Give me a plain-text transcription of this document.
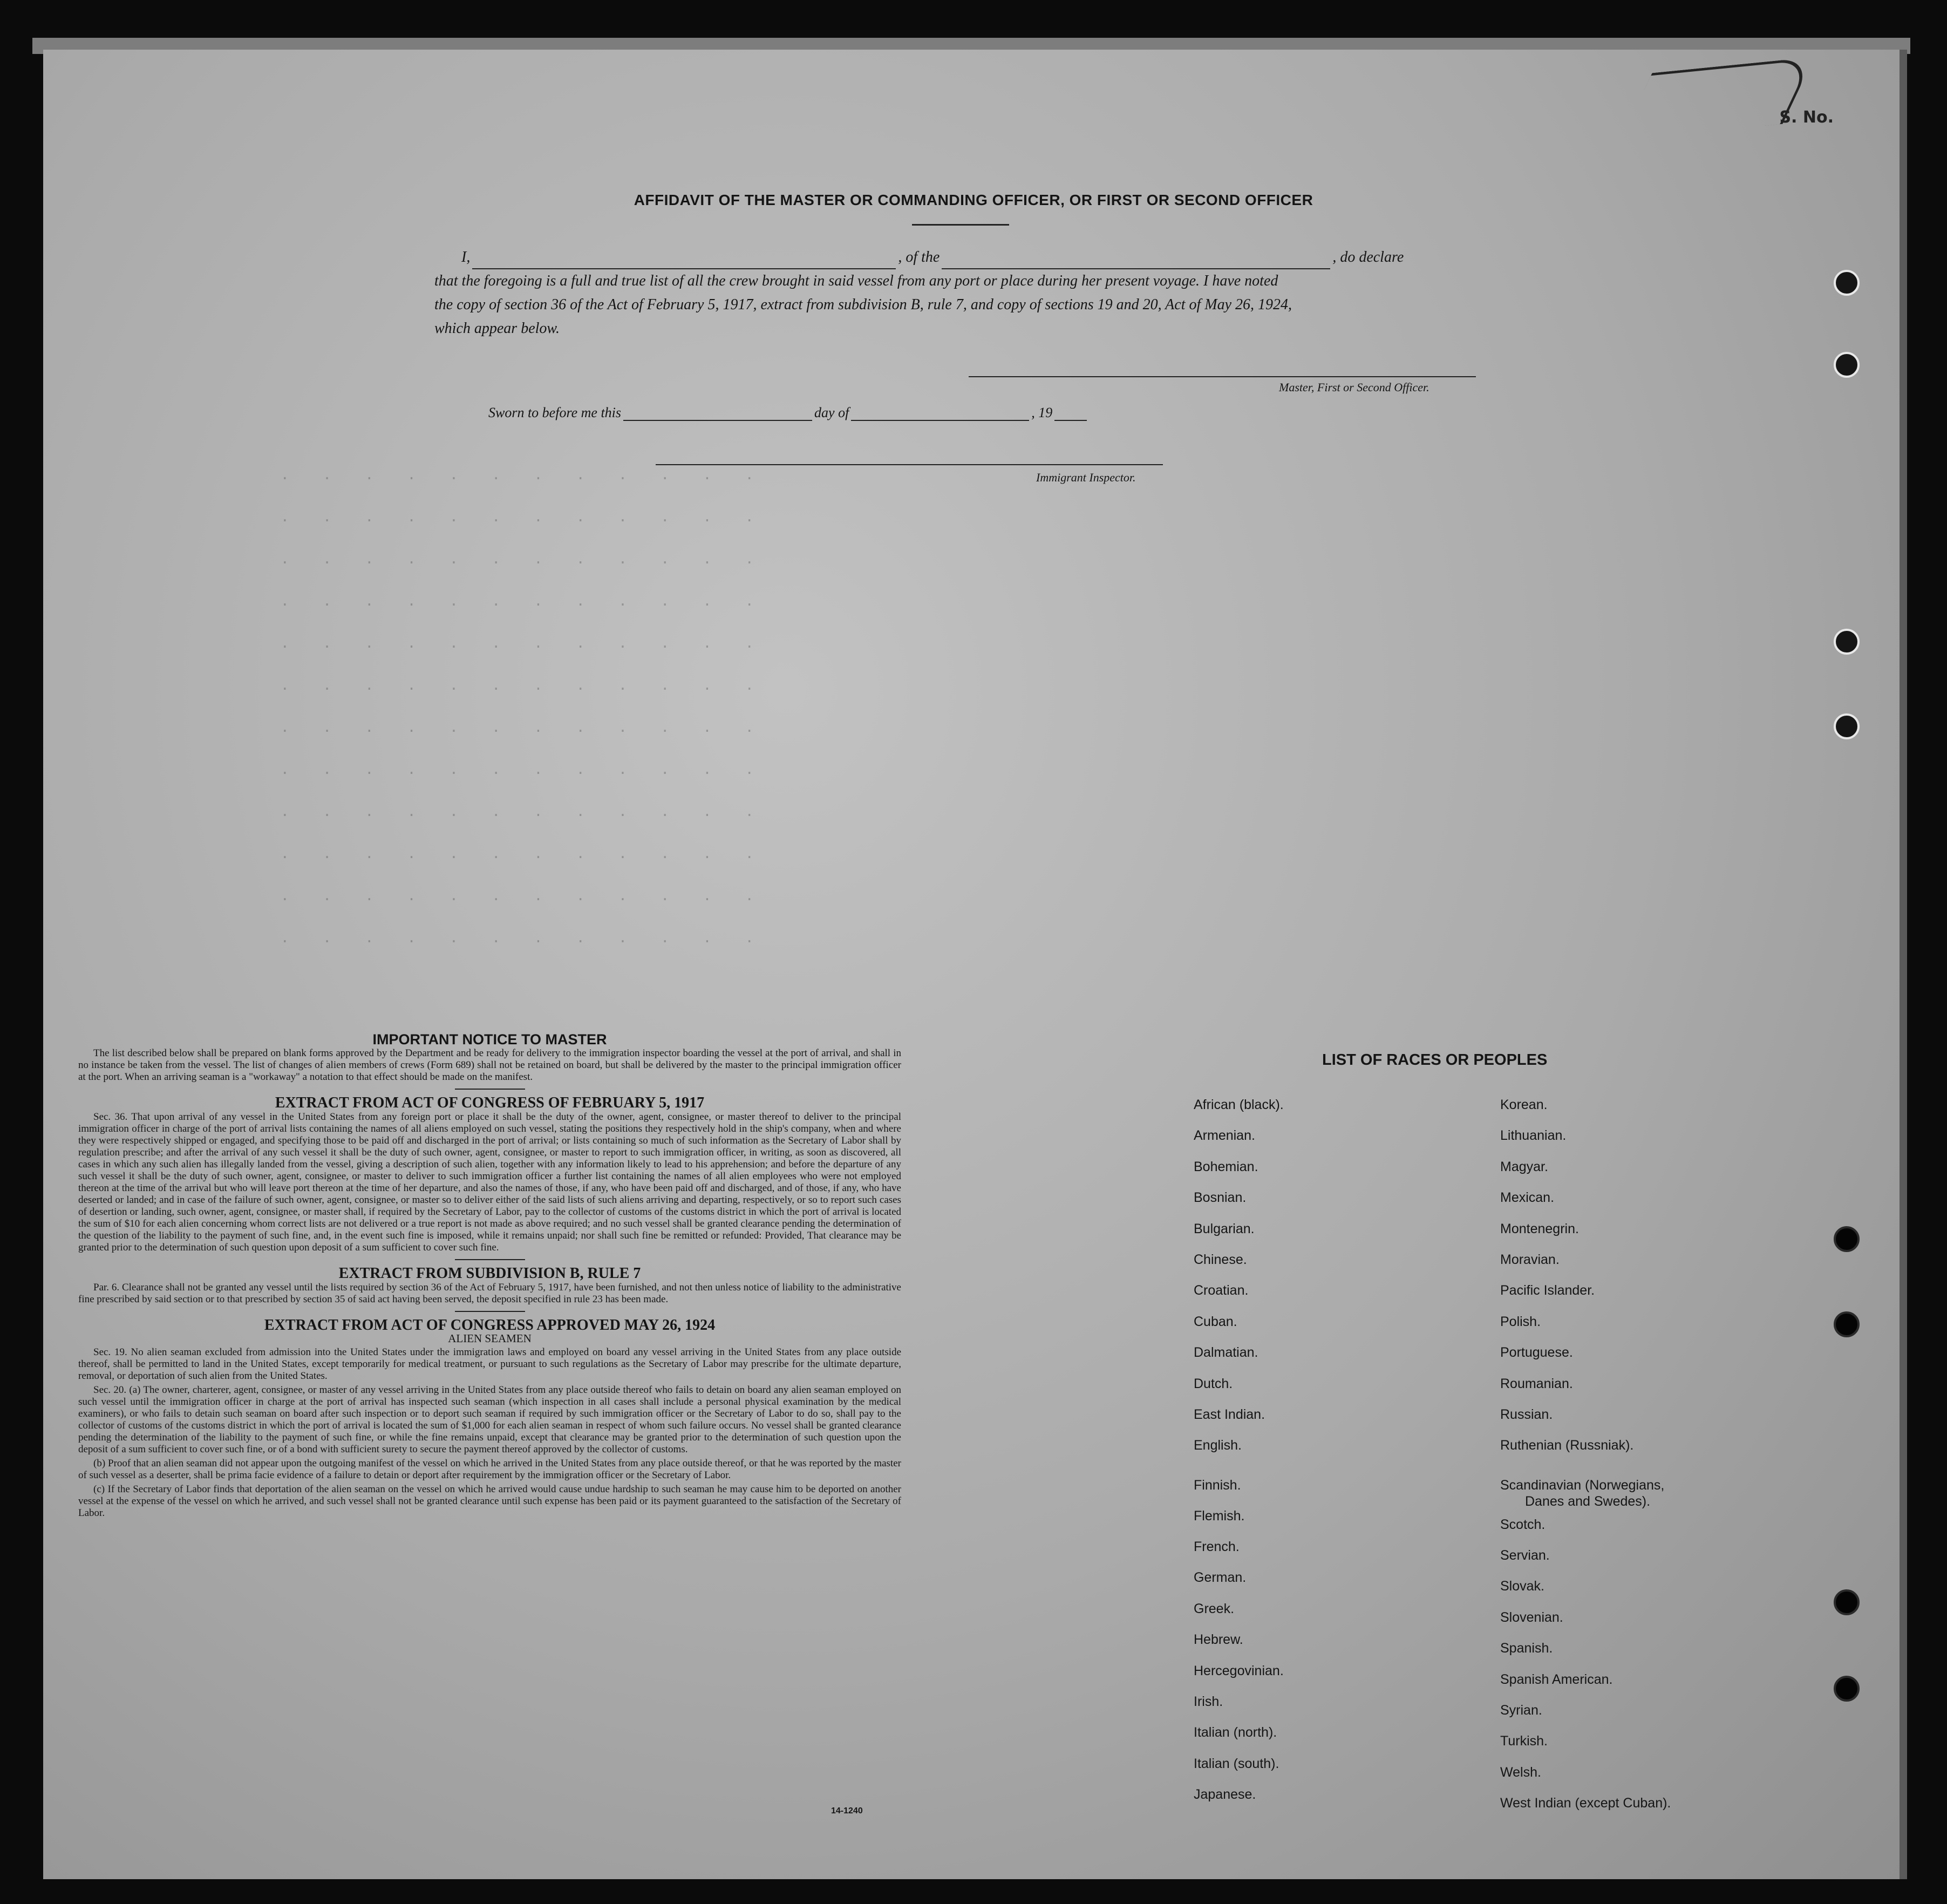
S. No.

·    ·    ·    ·    ·    ·    ·    ·    ·    ·    ·    ·
·    ·    ·    ·    ·    ·    ·    ·    ·    ·    ·    ·
·    ·    ·    ·    ·    ·    ·    ·    ·    ·    ·    ·
·    ·    ·    ·    ·    ·    ·    ·    ·    ·    ·    ·
·    ·    ·    ·    ·    ·    ·    ·    ·    ·    ·    ·
·    ·    ·    ·    ·    ·    ·    ·    ·    ·    ·    ·
·    ·    ·    ·    ·    ·    ·    ·    ·    ·    ·    ·
·    ·    ·    ·    ·    ·    ·    ·    ·    ·    ·    ·
·    ·    ·    ·    ·    ·    ·    ·    ·    ·    ·    ·
·    ·    ·    ·    ·    ·    ·    ·    ·    ·    ·    ·
·    ·    ·    ·    ·    ·    ·    ·    ·    ·    ·    ·
·    ·    ·    ·    ·    ·    ·    ·    ·    ·    ·    ·

AFFIDAVIT OF THE MASTER OR COMMANDING OFFICER, OR FIRST OR SECOND OFFICER
I,	, of the	, do declare
that the foregoing is a full and true list of all the crew brought in said vessel from any port or place during her present voyage. I have noted
the copy of section 36 of the Act of February 5, 1917, extract from subdivision B, rule 7, and copy of sections 19 and 20, Act of May 26, 1924,
which appear below.
Master, First or Second Officer.
Sworn to before me this	day of	, 19
Immigrant Inspector.

IMPORTANT NOTICE TO MASTER

The list described below shall be prepared on blank forms approved by the Department and be ready for delivery to the immigration inspector boarding the vessel at the port of arrival, and shall in no instance be taken from the vessel. The list of changes of alien members of crews (Form 689) shall not be retained on board, but shall be delivered by the master to the principal immigration officer at the port. When an arriving seaman is a "workaway" a notation to that effect should be made on the manifest.

EXTRACT FROM ACT OF CONGRESS OF FEBRUARY 5, 1917

Sec. 36. That upon arrival of any vessel in the United States from any foreign port or place it shall be the duty of the owner, agent, consignee, or master thereof to deliver to the principal immigration officer in charge of the port of arrival lists containing the names of all aliens employed on such vessel, stating the positions they respectively hold in the ship's company, when and where they were respectively shipped or engaged, and specifying those to be paid off and discharged in the port of arrival; or lists containing so much of such information as the Secretary of Labor shall by regulation prescribe; and after the arrival of any such vessel it shall be the duty of such owner, agent, consignee, or master to report to such immigration officer, in writing, as soon as discovered, all cases in which any such alien has illegally landed from the vessel, giving a description of such alien, together with any information likely to lead to his apprehension; and before the departure of any such vessel it shall be the duty of such owner, agent, consignee, or master to deliver to such immigration officer a further list containing the names of all alien employees who were not employed thereon at the time of the arrival but who will leave port thereon at the time of her departure, and also the names of those, if any, who have been paid off and discharged, and of those, if any, who have deserted or landed; and in case of the failure of such owner, agent, consignee, or master so to deliver either of the said lists of such aliens arriving and departing, respectively, or so to report such cases of desertion or landing, such owner, agent, consignee, or master shall, if required by the Secretary of Labor, pay to the collector of customs of the customs district in which the port of arrival is located the sum of $10 for each alien concerning whom correct lists are not delivered or a true report is not made as above required; and no such vessel shall be granted clearance pending the determination of the question of the liability to the payment of such fine, and, in the event such fine is imposed, while it remains unpaid; nor shall such fine be remitted or refunded: Provided, That clearance may be granted prior to the determination of such question upon deposit of a sum sufficient to cover such fine.

EXTRACT FROM SUBDIVISION B, RULE 7

Par. 6. Clearance shall not be granted any vessel until the lists required by section 36 of the Act of February 5, 1917, have been furnished, and not then unless notice of liability to the administrative fine prescribed by said section or to that prescribed by section 35 of said act having been served, the deposit specified in rule 23 has been made.

EXTRACT FROM ACT OF CONGRESS APPROVED MAY 26, 1924

ALIEN SEAMEN

Sec. 19. No alien seaman excluded from admission into the United States under the immigration laws and employed on board any vessel arriving in the United States from any place outside thereof, shall be permitted to land in the United States, except temporarily for medical treatment, or pursuant to such regulations as the Secretary of Labor may prescribe for the ultimate departure, removal, or deportation of such alien from the United States.

Sec. 20. (a) The owner, charterer, agent, consignee, or master of any vessel arriving in the United States from any place outside thereof who fails to detain on board any alien seaman employed on such vessel until the immigration officer in charge at the port of arrival has inspected such seaman (which inspection in all cases shall include a personal physical examination by the medical examiners), or who fails to detain such seaman on board after such inspection or to deport such seaman if required by such immigration officer or the Secretary of Labor to do so, shall pay to the collector of customs of the customs district in which the port of arrival is located the sum of $1,000 for each alien seaman in respect of whom such failure occurs. No vessel shall be granted clearance pending the determination of the liability to the payment of such fine, or while the fine remains unpaid, except that clearance may be granted prior to the determination of such question upon the deposit of a sum sufficient to cover such fine, or of a bond with sufficient surety to secure the payment thereof approved by the collector of customs.

(b) Proof that an alien seaman did not appear upon the outgoing manifest of the vessel on which he arrived in the United States from any place outside thereof, or that he was reported by the master of such vessel as a deserter, shall be prima facie evidence of a failure to detain or deport after requirement by the immigration officer or the Secretary of Labor.

(c) If the Secretary of Labor finds that deportation of the alien seaman on the vessel on which he arrived would cause undue hardship to such seaman he may cause him to be deported on another vessel at the expense of the vessel on which he arrived, and such vessel shall not be granted clearance until such expense has been paid or its payment guaranteed to the satisfaction of the Secretary of Labor.

14-1240
LIST OF RACES OR PEOPLES
African (black).
Armenian.
Bohemian.
Bosnian.
Bulgarian.
Chinese.
Croatian.
Cuban.
Dalmatian.
Dutch.
East Indian.
English.
Finnish.
Flemish.
French.
German.
Greek.
Hebrew.
Hercegovinian.
Irish.
Italian (north).
Italian (south).
Japanese.
Korean.
Lithuanian.
Magyar.
Mexican.
Montenegrin.
Moravian.
Pacific Islander.
Polish.
Portuguese.
Roumanian.
Russian.
Ruthenian (Russniak).
Scandinavian (Norwegians,
Danes and Swedes).
Scotch.
Servian.
Slovak.
Slovenian.
Spanish.
Spanish American.
Syrian.
Turkish.
Welsh.
West Indian (except Cuban).
